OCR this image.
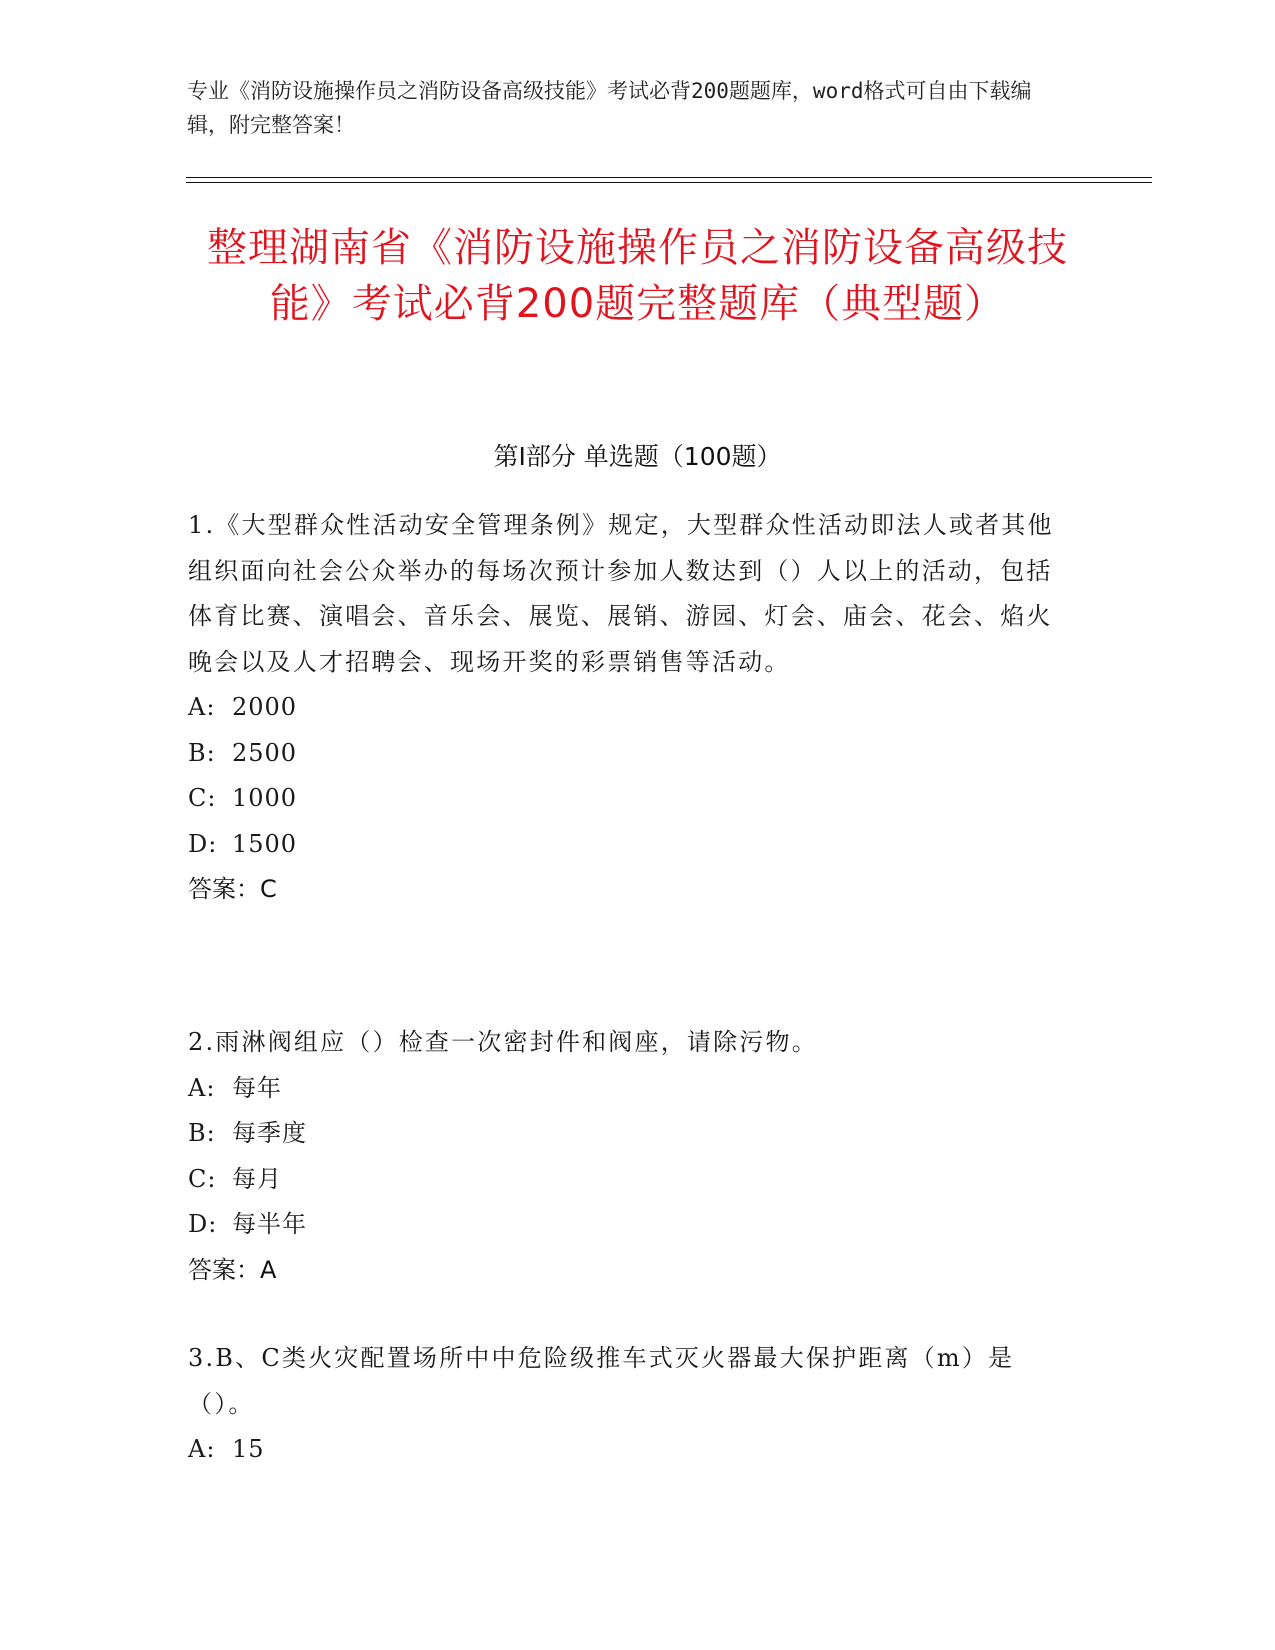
专业《消防设施操作员之消防设备高级技能》考试必背200题题库，word格式可自由下载编辑，附完整答案！
整理湖南省《消防设施操作员之消防设备高级技能》考试必背200题完整题库（典型题）
第I部分 单选题（100题）
1.《大型群众性活动安全管理条例》规定，大型群众性活动即法人或者其他组织面向社会公众举办的每场次预计参加人数达到（）人以上的活动，包括体育比赛、演唱会、音乐会、展览、展销、游园、灯会、庙会、花会、焰火晚会以及人才招聘会、现场开奖的彩票销售等活动。
A: 2000
B: 2500
C: 1000
D: 1500
答案：C
2.雨淋阀组应（）检查一次密封件和阀座，请除污物。
A: 每年
B: 每季度
C: 每月
D: 每半年
答案：A
3.B、C类火灾配置场所中中危险级推车式灭火器最大保护距离（m）是（）。
A: 15
